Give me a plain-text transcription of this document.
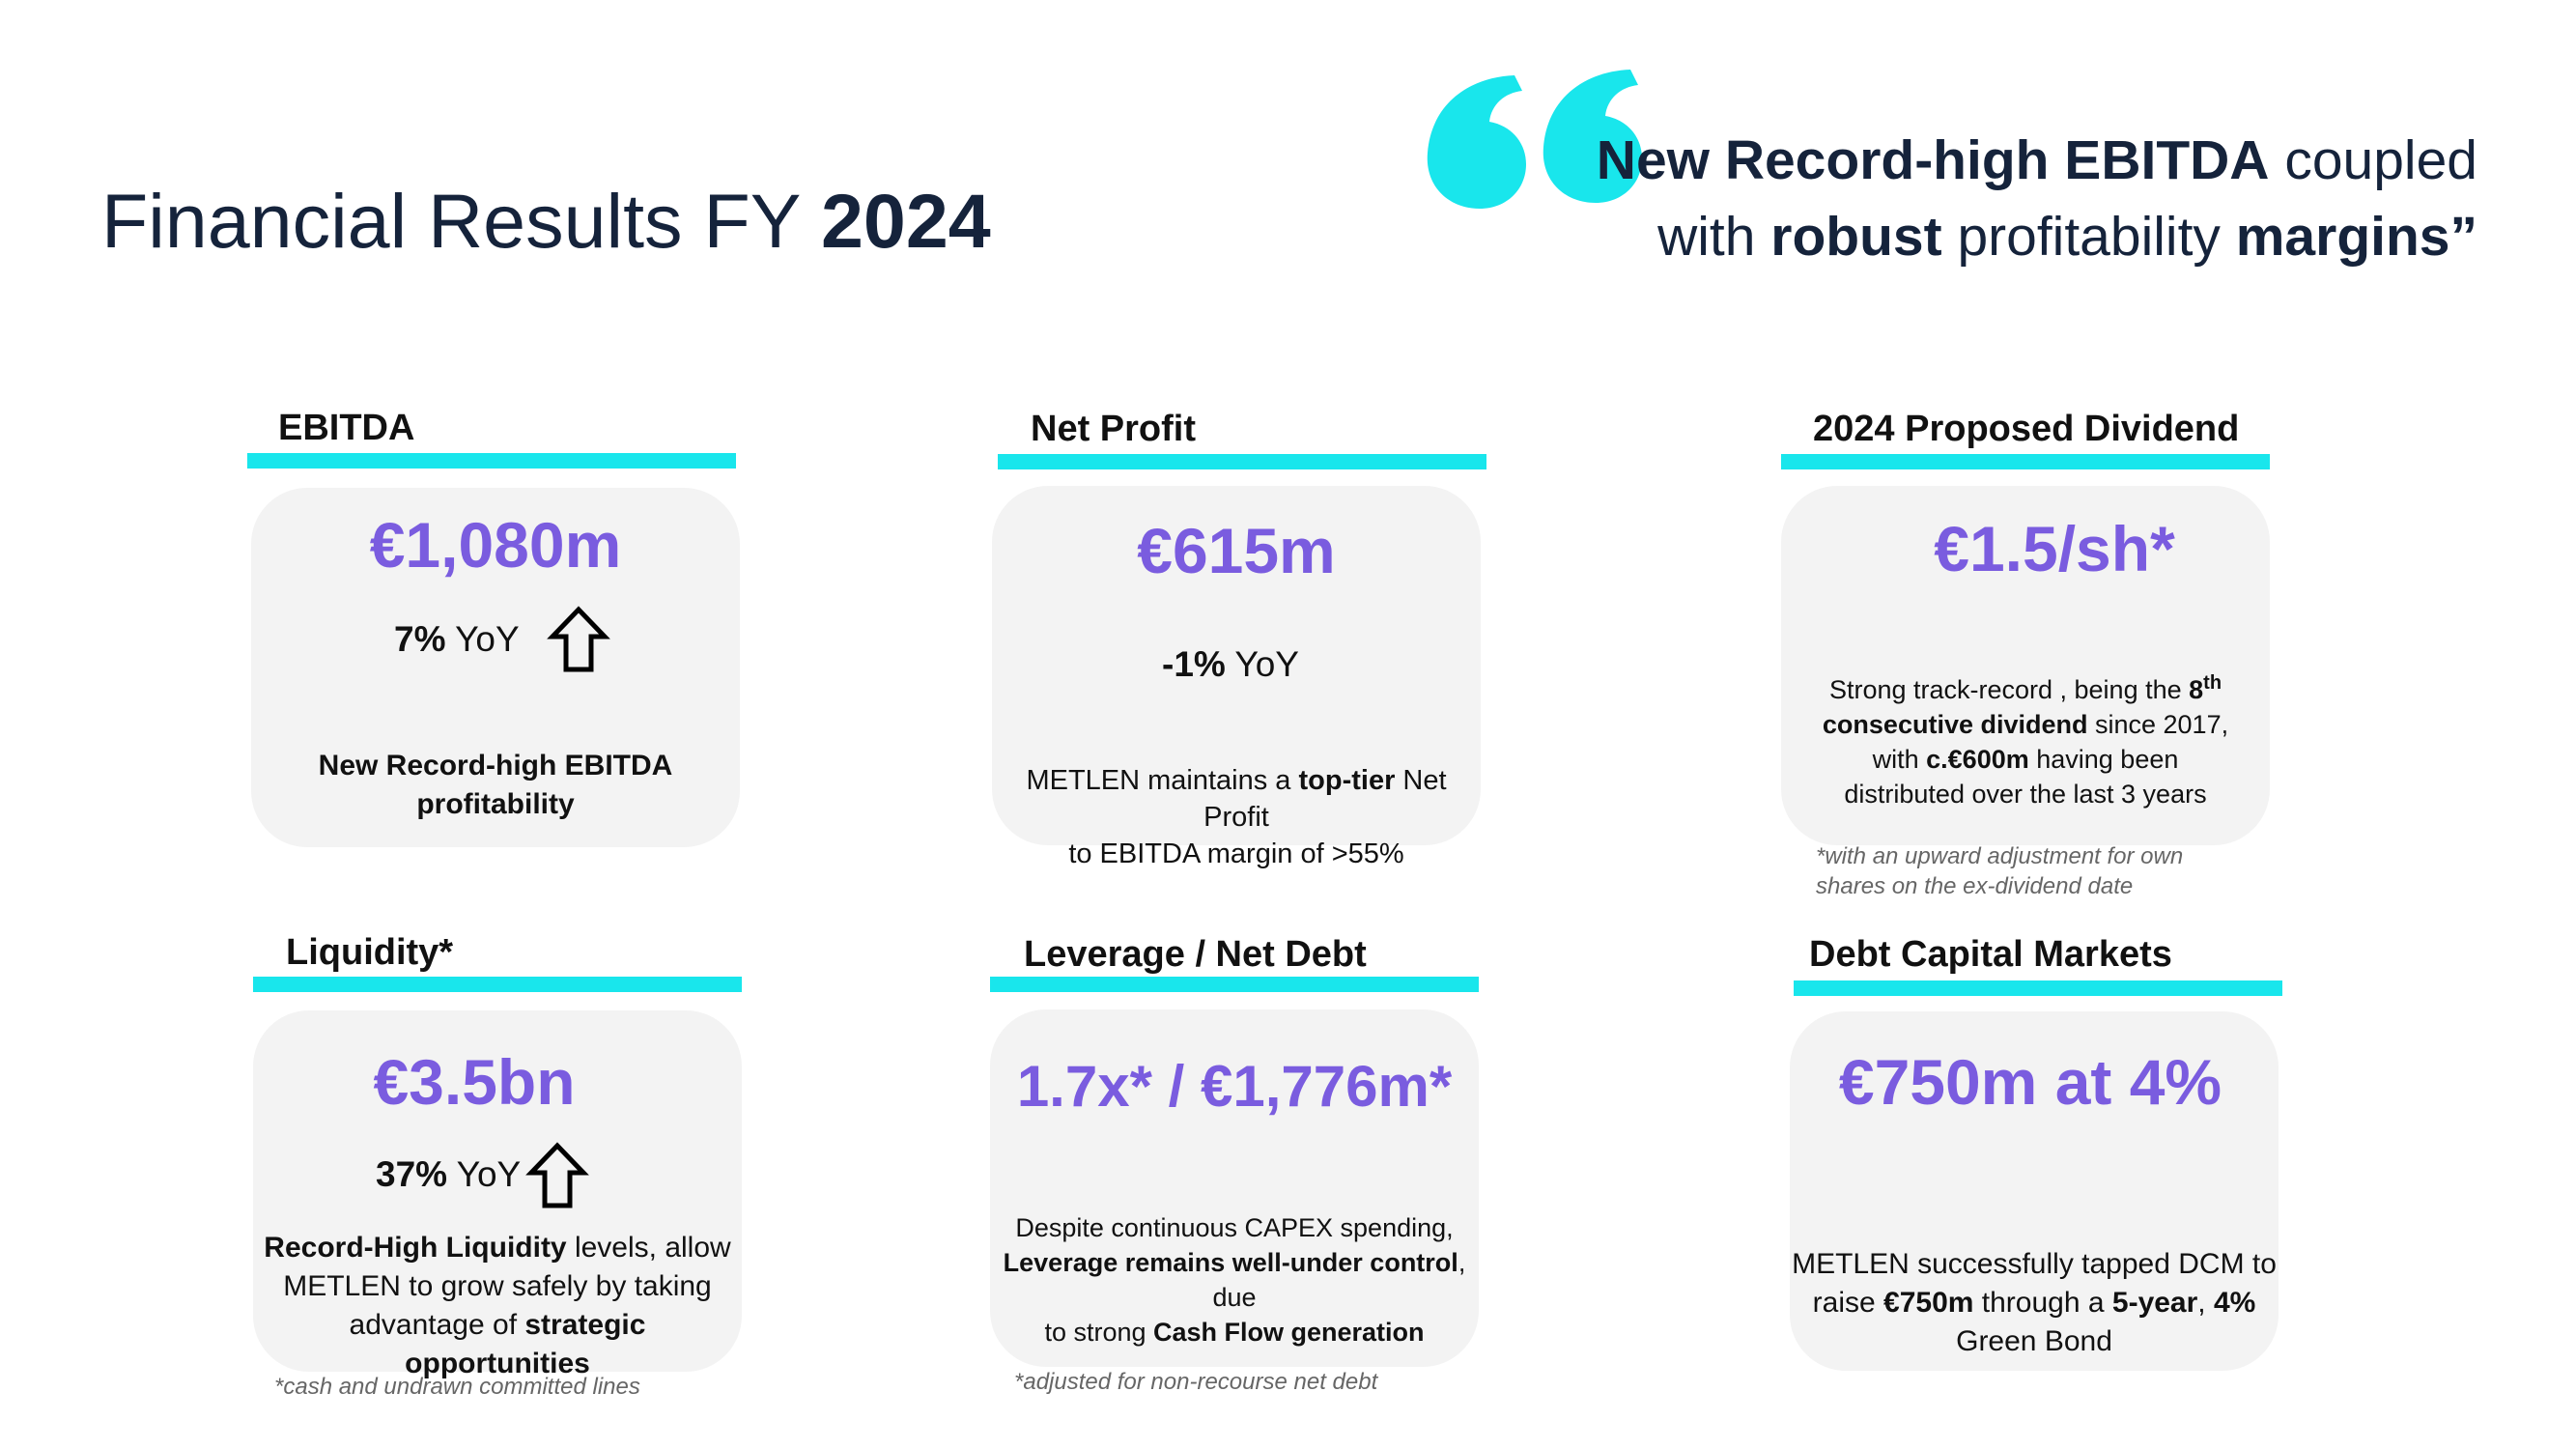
Financial Results FY 2024
New Record-high EBITDA coupled
with robust profitability margins”
EBITDA
€1,080m
7% YoY
New Record-high EBITDA
profitability
Net Profit
€615m
-1% YoY
METLEN maintains a top-tier Net Profit
to EBITDA margin of >55%
2024 Proposed Dividend
€1.5/sh*
Strong track-record , being the 8th
consecutive dividend since 2017,
with c.€600m having been
distributed over the last 3 years
*with an upward adjustment for own
shares on the ex-dividend date
Liquidity*
€3.5bn
37% YoY
Record-High Liquidity levels, allow
METLEN to grow safely by taking
advantage of strategic opportunities
*cash and undrawn committed lines
Leverage / Net Debt
1.7x* / €1,776m*
Despite continuous CAPEX spending,
Leverage remains well-under control, due
to strong Cash Flow generation
*adjusted for non-recourse net debt
Debt Capital Markets
€750m at 4%
METLEN successfully tapped DCM to
raise €750m through a 5-year, 4%
Green Bond
